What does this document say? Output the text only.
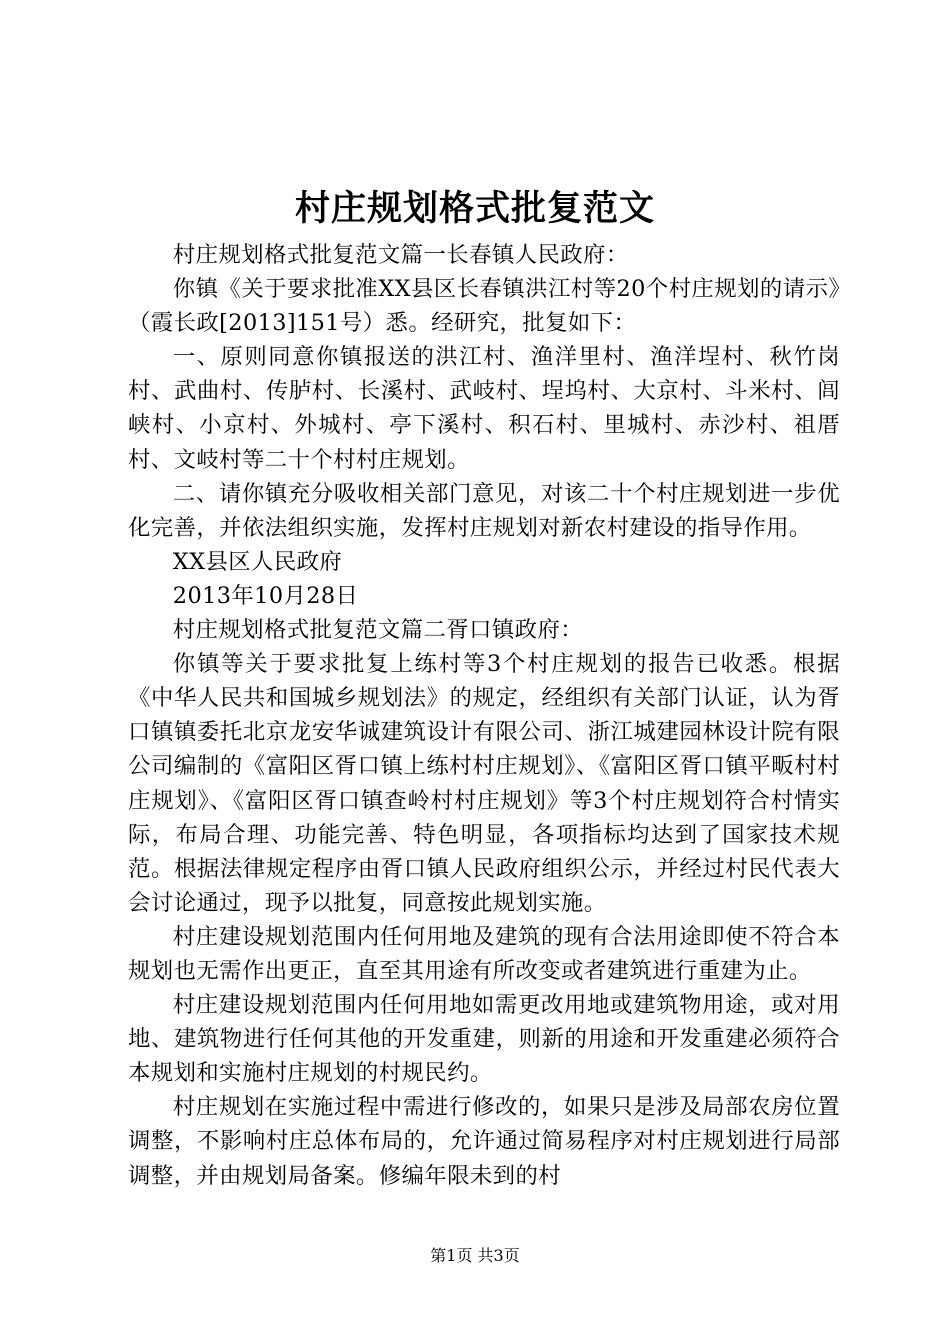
村庄规划格式批复范文

村庄规划格式批复范文篇一长春镇人民政府：

你镇《关于要求批准XX县区长春镇洪江村等20个村庄规划的请示》（霞长政[2013]151号）悉。经研究，批复如下：

一、原则同意你镇报送的洪江村、渔洋里村、渔洋埕村、秋竹岗村、武曲村、传胪村、长溪村、武岐村、埕坞村、大京村、斗米村、闾峡村、小京村、外城村、亭下溪村、积石村、里城村、赤沙村、祖厝村、文岐村等二十个村村庄规划。

二、请你镇充分吸收相关部门意见，对该二十个村庄规划进一步优化完善，并依法组织实施，发挥村庄规划对新农村建设的指导作用。

XX县区人民政府

2013年10月28日

村庄规划格式批复范文篇二胥口镇政府：

你镇等关于要求批复上练村等3个村庄规划的报告已收悉。根据《中华人民共和国城乡规划法》的规定，经组织有关部门认证，认为胥口镇镇委托北京龙安华诚建筑设计有限公司、浙江城建园林设计院有限公司编制的《富阳区胥口镇上练村村庄规划》、《富阳区胥口镇平畈村村庄规划》、《富阳区胥口镇查岭村村庄规划》等3个村庄规划符合村情实际，布局合理、功能完善、特色明显，各项指标均达到了国家技术规范。根据法律规定程序由胥口镇人民政府组织公示，并经过村民代表大会讨论通过，现予以批复，同意按此规划实施。

村庄建设规划范围内任何用地及建筑的现有合法用途即使不符合本规划也无需作出更正，直至其用途有所改变或者建筑进行重建为止。

村庄建设规划范围内任何用地如需更改用地或建筑物用途，或对用地、建筑物进行任何其他的开发重建，则新的用途和开发重建必须符合本规划和实施村庄规划的村规民约。

村庄规划在实施过程中需进行修改的，如果只是涉及局部农房位置调整，不影响村庄总体布局的，允许通过简易程序对村庄规划进行局部调整，并由规划局备案。修编年限未到的村

第1页 共3页
